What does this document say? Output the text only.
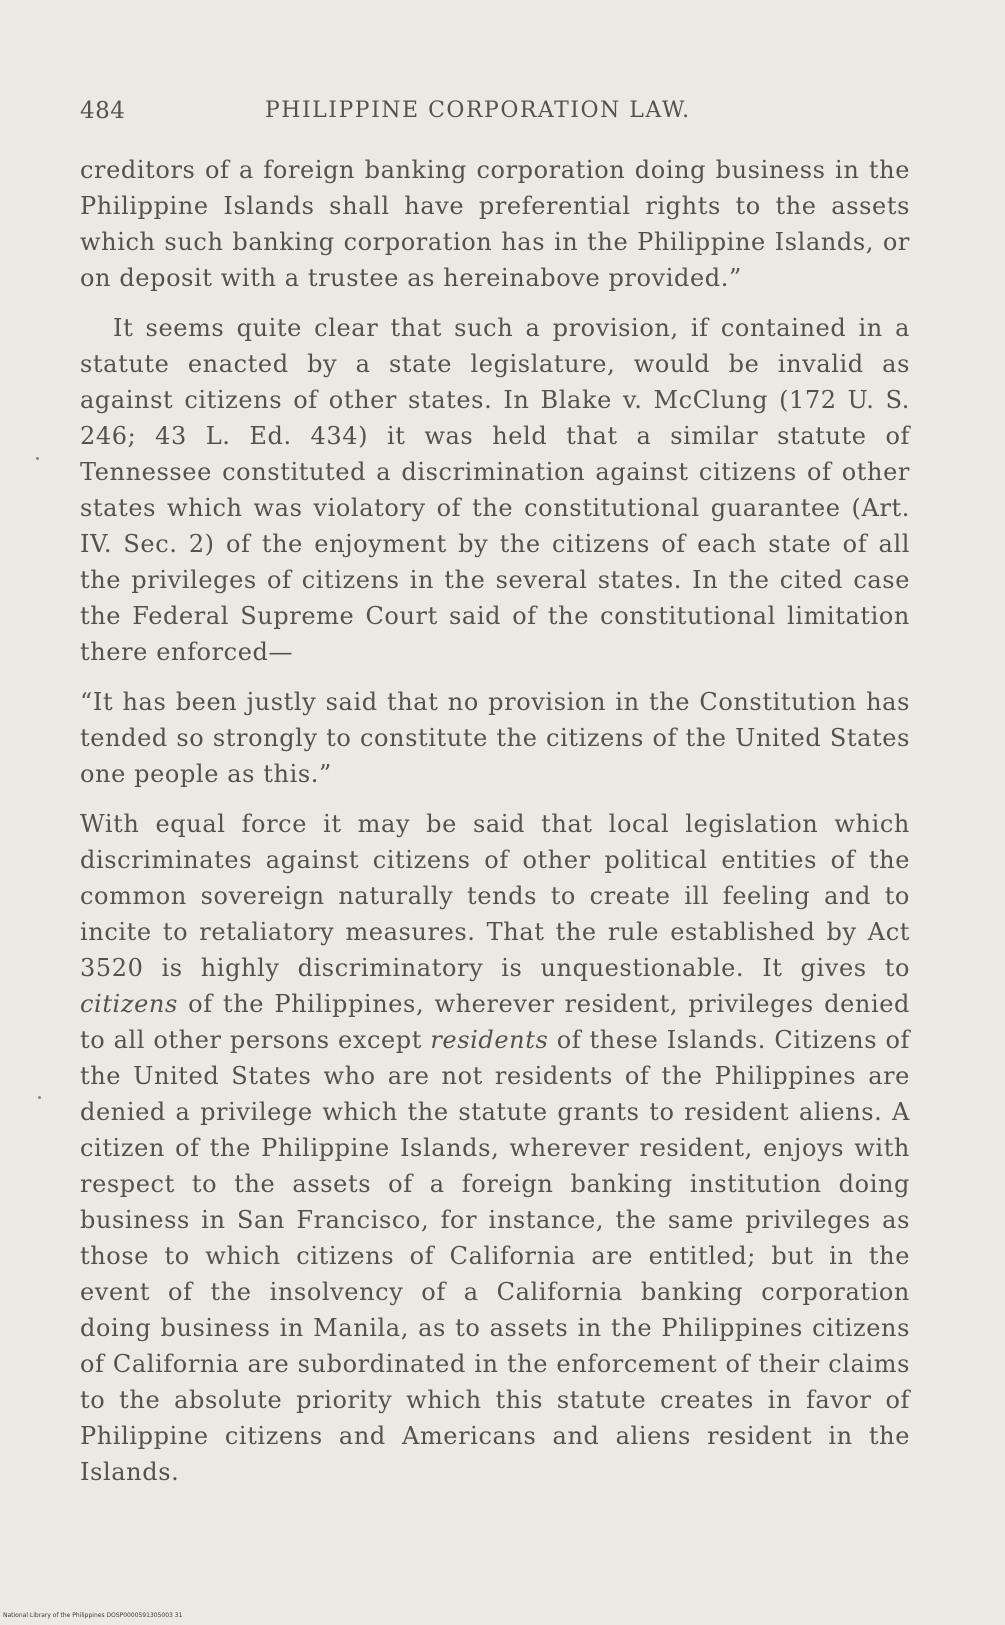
484	PHILIPPINE CORPORATION LAW.

creditors of a foreign banking corporation doing business in the Philippine Islands shall have preferential rights to the assets which such banking corporation has in the Philippine Islands, or on deposit with a trustee as hereinabove provided.”

It seems quite clear that such a provision, if contained in a statute enacted by a state legislature, would be invalid as against citizens of other states. In Blake v. McClung (172 U. S. 246; 43 L. Ed. 434) it was held that a similar statute of Tennessee constituted a discrimination against citizens of other states which was violatory of the constitutional guarantee (Art. IV. Sec. 2) of the enjoyment by the citizens of each state of all the privileges of citizens in the several states. In the cited case the Federal Supreme Court said of the constitutional limitation there enforced—

“It has been justly said that no provision in the Constitution has tended so strongly to constitute the citizens of the United States one people as this.”

With equal force it may be said that local legislation which discriminates against citizens of other political entities of the common sovereign naturally tends to create ill feeling and to incite to retaliatory measures. That the rule established by Act 3520 is highly discriminatory is unquestionable. It gives to citizens of the Philippines, wherever resident, privileges denied to all other persons except residents of these Islands. Citizens of the United States who are not residents of the Philippines are denied a privilege which the statute grants to resident aliens. A citizen of the Philippine Islands, wherever resident, enjoys with respect to the assets of a foreign banking institution doing business in San Francisco, for instance, the same privileges as those to which citizens of California are entitled; but in the event of the insolvency of a California banking corporation doing business in Manila, as to assets in the Philippines citizens of California are subordinated in the enforcement of their claims to the absolute priority which this statute creates in favor of Philippine citizens and Americans and aliens resident in the Islands.

National Library of the Philippines DOSP0000591305003 31
